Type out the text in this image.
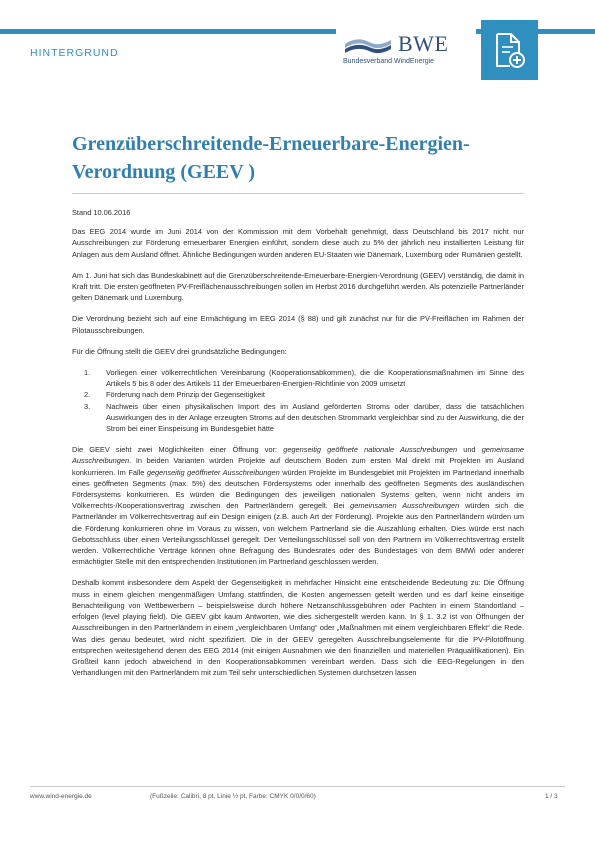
HINTERGRUND	BWE
Bundesverband WindEnergie
Grenzüberschreitende-Erneuerbare-Energien-Verordnung (GEEV )

Stand 10.06.2016

Das EEG 2014 wurde im Juni 2014 von der Kommission mit dem Vorbehalt genehmigt, dass Deutschland bis 2017 nicht nur Ausschreibungen zur Förderung erneuerbarer Energien einführt, sondern diese auch zu 5% der jährlich neu installierten Leistung für Anlagen aus dem Ausland öffnet. Ähnliche Bedingungen wurden anderen EU-Staaten wie Dänemark, Luxemburg oder Rumänien gestellt.

Am 1. Juni hat sich das Bundeskabinett auf die Grenzüberschreitende-Erneuerbare-Energien-Verordnung (GEEV) verständig, die damit in Kraft tritt. Die ersten geöffneten PV-Freiflächenausschreibungen sollen im Herbst 2016 durchgeführt werden. Als potenzielle Partnerländer gelten Dänemark und Luxemburg.

Die Verordnung bezieht sich auf eine Ermächtigung im EEG 2014 (§ 88) und gilt zunächst nur für die PV-Freiflächen im Rahmen der Pilotausschreibungen.

Für die Öffnung stellt die GEEV drei grundsätzliche Bedingungen:

1. Vorliegen einer völkerrechtlichen Vereinbarung (Kooperationsabkommen), die die Kooperationsmaßnahmen im Sinne des Artikels 5 bis 8 oder des Artikels 11 der Erneuerbaren-Energien-Richtlinie von 2009 umsetzt
2. Förderung nach dem Prinzip der Gegenseitigkeit
3. Nachweis über einen physikalischen Import des im Ausland geförderten Stroms oder darüber, dass die tatsächlichen Auswirkungen des in der Anlage erzeugten Stroms auf den deutschen Strommarkt vergleichbar sind zu der Auswirkung, die der Strom bei einer Einspeisung im Bundesgebiet hätte

Die GEEV sieht zwei Möglichkeiten einer Öffnung vor: gegenseitig geöffnete nationale Ausschreibungen und gemeinsame Ausschreibungen. In beiden Varianten würden Projekte auf deutschem Boden zum ersten Mal direkt mit Projekten im Ausland konkurrieren. Im Falle gegenseitig geöffneter Ausschreibungen würden Projekte im Bundesgebiet mit Projekten im Partnerland innerhalb eines geöffneten Segments (max. 5%) des deutschen Fördersystems oder innerhalb des geöffneten Segments des ausländischen Fördersystems konkurrieren. Es würden die Bedingungen des jeweiligen nationalen Systems gelten, wenn nicht anders im Völkerrechts-/Kooperationsvertrag zwischen den Partnerländern geregelt. Bei gemeinsamen Ausschreibungen würden sich die Partnerländer im Völkerrechtsvertrag auf ein Design einigen (z.B. auch Art der Förderung). Projekte aus den Partnerländern würden um die Förderung konkurrieren ohne im Voraus zu wissen, von welchem Partnerland sie die Auszahlung erhalten. Dies würde erst nach Gebotsschluss über einen Verteilungsschlüssel geregelt. Der Verteilungsschlüssel soll von den Partnern im Völkerrechtsvertrag erstellt werden. Völkerrechtliche Verträge können ohne Befragung des Bundesrates oder des Bundestages von dem BMWi oder anderer ermächtigter Stelle mit den entsprechenden Institutionen im Partnerland geschlossen werden.

Deshalb kommt insbesondere dem Aspekt der Gegenseitigkeit in mehrfacher Hinsicht eine entscheidende Bedeutung zu: Die Öffnung muss in einem gleichen mengenmäßigen Umfang stattfinden, die Kosten angemessen geteilt werden und es darf keine einseitige Benachteiligung von Wettbewerbern – beispielsweise durch höhere Netzanschlussgebühren oder Pachten in einem Standortland – erfolgen (level playing field). Die GEEV gibt kaum Antworten, wie dies sichergestellt werden kann. In § 1. 3.2 ist von Öffnungen der Ausschreibungen in den Partnerländern in einem „vergleichbaren Umfang“ oder „Maßnahmen mit einem vergleichbaren Effekt“ die Rede. Was dies genau bedeutet, wird nicht spezifiziert. Die in der GEEV geregelten Ausschreibungselemente für die PV-Pilotöffnung entsprechen weitestgehend denen des EEG 2014 (mit einigen Ausnahmen wie den finanziellen und materiellen Präqualifikationen). Ein Großteil kann jedoch abweichend in den Kooperationsabkommen vereinbart werden. Dass sich die EEG-Regelungen in den Verhandlungen mit den Partnerländern mit zum Teil sehr unterschiedlichen Systemen durchsetzen lassen

www.wind-energie.de	(Fußzeile: Calibri, 8 pt, Linie ½ pt, Farbe: CMYK 0/0/0/60)	1 / 3
